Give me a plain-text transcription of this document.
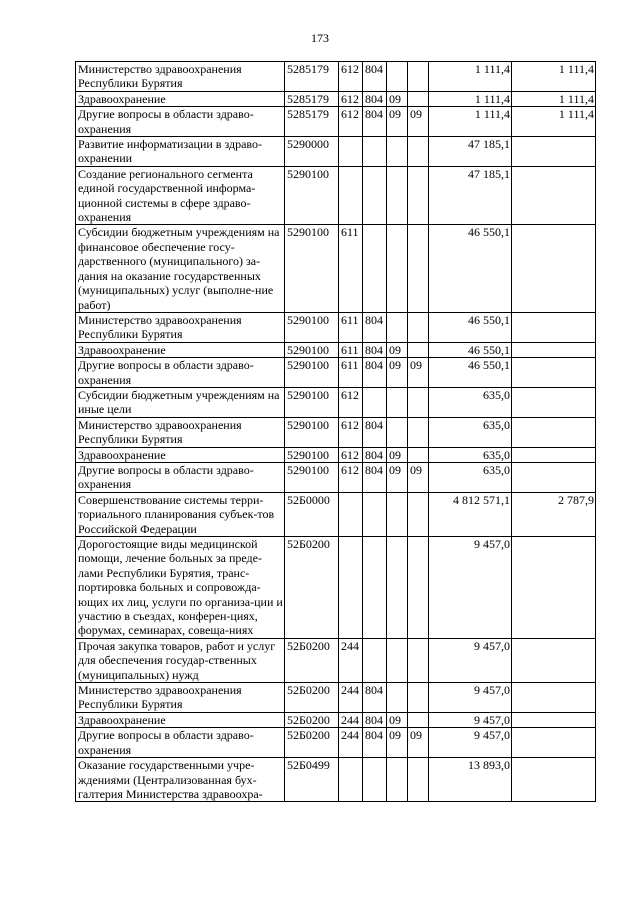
173
Министерство здравоохранения Республики Бурятия	5285179	612	804			1 111,4	1 111,4
Здравоохранение	5285179	612	804	09		1 111,4	1 111,4
Другие вопросы в области здраво-охранения	5285179	612	804	09	09	1 111,4	1 111,4
Развитие информатизации в здраво-охранении	5290000					47 185,1	
Создание регионального сегмента единой государственной информа-ционной системы в сфере здраво-охранения	5290100					47 185,1	
Субсидии бюджетным учреждениям на финансовое обеспечение госу-дарственного (муниципального) за-дания на оказание государственных (муниципальных) услуг (выполне-ние работ)	5290100	611				46 550,1	
Министерство здравоохранения Республики Бурятия	5290100	611	804			46 550,1	
Здравоохранение	5290100	611	804	09		46 550,1	
Другие вопросы в области здраво-охранения	5290100	611	804	09	09	46 550,1	
Субсидии бюджетным учреждениям на иные цели	5290100	612				635,0	
Министерство здравоохранения Республики Бурятия	5290100	612	804			635,0	
Здравоохранение	5290100	612	804	09		635,0	
Другие вопросы в области здраво-охранения	5290100	612	804	09	09	635,0	
Совершенствование системы терри-ториального планирования субъек-тов Российской Федерации	52Б0000					4 812 571,1	2 787,9
Дорогостоящие виды медицинской помощи, лечение больных за преде-лами Республики Бурятия, транс-портировка больных и сопровожда-ющих их лиц, услуги по организа-ции и участию в съездах, конферен-циях, форумах, семинарах, совеща-ниях	52Б0200					9 457,0	
Прочая закупка товаров, работ и услуг для обеспечения государ-ственных (муниципальных) нужд	52Б0200	244				9 457,0	
Министерство здравоохранения Республики Бурятия	52Б0200	244	804			9 457,0	
Здравоохранение	52Б0200	244	804	09		9 457,0	
Другие вопросы в области здраво-охранения	52Б0200	244	804	09	09	9 457,0	
Оказание государственными учре-ждениями (Централизованная бух-галтерия Министерства здравоохра-	52Б0499					13 893,0	
